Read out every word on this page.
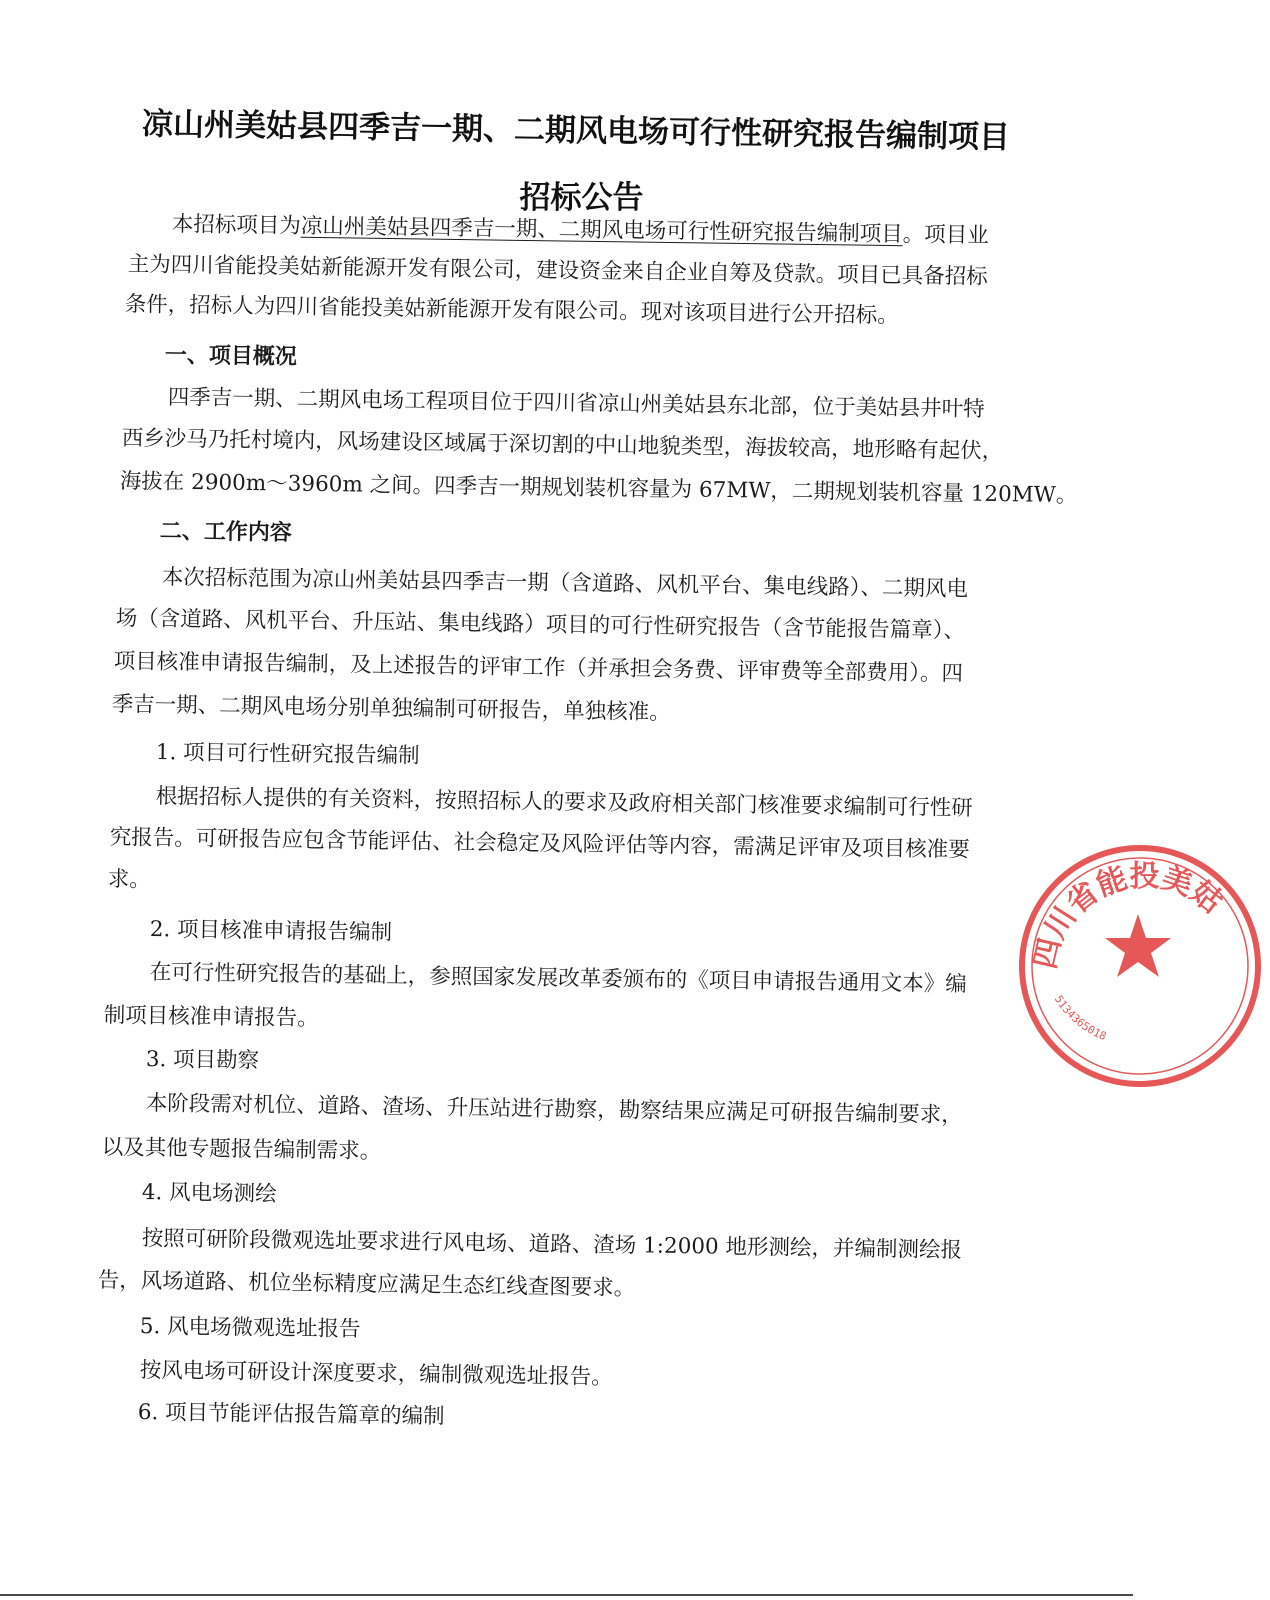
凉山州美姑县四季吉一期、二期风电场可行性研究报告编制项目
招标公告
本招标项目为凉山州美姑县四季吉一期、二期风电场可行性研究报告编制项目。项目业
主为四川省能投美姑新能源开发有限公司，建设资金来自企业自筹及贷款。项目已具备招标
条件，招标人为四川省能投美姑新能源开发有限公司。现对该项目进行公开招标。
一、项目概况
四季吉一期、二期风电场工程项目位于四川省凉山州美姑县东北部，位于美姑县井叶特
西乡沙马乃托村境内，风场建设区域属于深切割的中山地貌类型，海拔较高，地形略有起伏，
海拔在 2900m～3960m 之间。四季吉一期规划装机容量为 67MW，二期规划装机容量 120MW。
二、工作内容
本次招标范围为凉山州美姑县四季吉一期（含道路、风机平台、集电线路）、二期风电
场（含道路、风机平台、升压站、集电线路）项目的可行性研究报告（含节能报告篇章）、
项目核准申请报告编制，及上述报告的评审工作（并承担会务费、评审费等全部费用）。四
季吉一期、二期风电场分别单独编制可研报告，单独核准。
1. 项目可行性研究报告编制
根据招标人提供的有关资料，按照招标人的要求及政府相关部门核准要求编制可行性研
究报告。可研报告应包含节能评估、社会稳定及风险评估等内容，需满足评审及项目核准要
求。
2. 项目核准申请报告编制
在可行性研究报告的基础上，参照国家发展改革委颁布的《项目申请报告通用文本》编
制项目核准申请报告。
3. 项目勘察
本阶段需对机位、道路、渣场、升压站进行勘察，勘察结果应满足可研报告编制要求，
以及其他专题报告编制需求。
4. 风电场测绘
按照可研阶段微观选址要求进行风电场、道路、渣场 1:2000 地形测绘，并编制测绘报
告，风场道路、机位坐标精度应满足生态红线查图要求。
5. 风电场微观选址报告
按风电场可研设计深度要求，编制微观选址报告。
6. 项目节能评估报告篇章的编制
四川省能投美姑
5134365018
